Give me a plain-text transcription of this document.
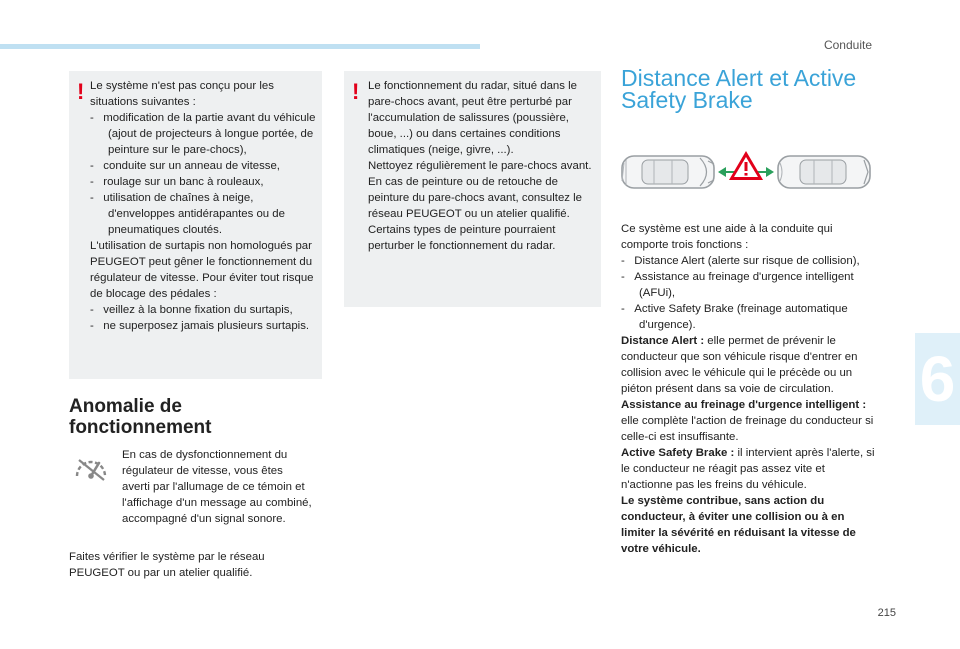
Conduite
6
215
! Le système n'est pas conçu pour les situations suivantes :

-   modification de la partie avant du véhicule (ajout de projecteurs à longue portée, de peinture sur le pare-chocs),

-   conduite sur un anneau de vitesse,

-   roulage sur un banc à rouleaux,

-   utilisation de chaînes à neige, d'enveloppes antidérapantes ou de pneumatiques cloutés.

L'utilisation de surtapis non homologués par PEUGEOT peut gêner le fonctionnement du régulateur de vitesse. Pour éviter tout risque de blocage des pédales :

-   veillez à la bonne fixation du surtapis,

-   ne superposez jamais plusieurs surtapis.

! Le fonctionnement du radar, situé dans le pare-chocs avant, peut être perturbé par l'accumulation de salissures (poussière, boue, ...) ou dans certaines conditions climatiques (neige, givre, ...).

Nettoyez régulièrement le pare-chocs avant.

En cas de peinture ou de retouche de peinture du pare-chocs avant, consultez le réseau PEUGEOT ou un atelier qualifié. Certains types de peinture pourraient perturber le fonctionnement du radar.

Anomalie de
fonctionnement

En cas de dysfonctionnement du régulateur de vitesse, vous êtes averti par l'allumage de ce témoin et l'affichage d'un message au combiné, accompagné d'un signal sonore.

Faites vérifier le système par le réseau PEUGEOT ou par un atelier qualifié.

Distance Alert et Active
Safety Brake

Ce système est une aide à la conduite qui comporte trois fonctions :

-   Distance Alert (alerte sur risque de collision),

-   Assistance au freinage d'urgence intelligent (AFUi),

-   Active Safety Brake (freinage automatique d'urgence).

Distance Alert : elle permet de prévenir le conducteur que son véhicule risque d'entrer en collision avec le véhicule qui le précède ou un piéton présent dans sa voie de circulation.

Assistance au freinage d'urgence intelligent : elle complète l'action de freinage du conducteur si celle-ci est insuffisante.

Active Safety Brake : il intervient après l'alerte, si le conducteur ne réagit pas assez vite et n'actionne pas les freins du véhicule.

Le système contribue, sans action du conducteur, à éviter une collision ou à en limiter la sévérité en réduisant la vitesse de votre véhicule.
